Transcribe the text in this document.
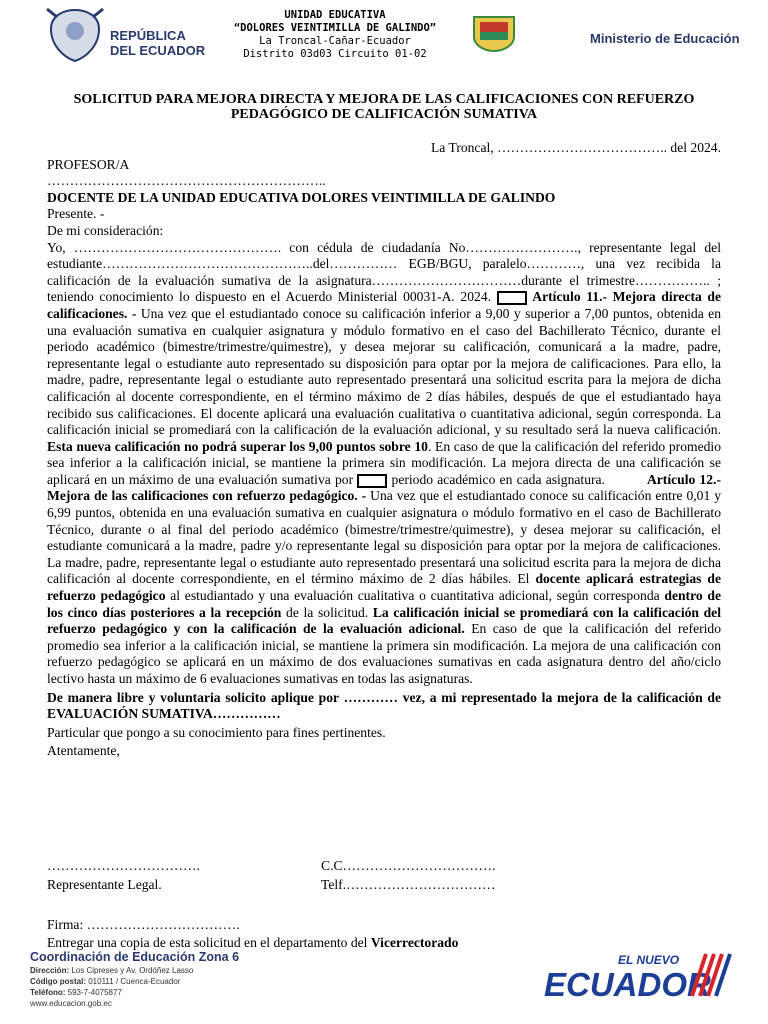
REPÚBLICA
DEL ECUADOR
UNIDAD EDUCATIVA
“DOLORES VEINTIMILLA DE GALINDO”
La Troncal-Cañar-Ecuador
Distrito 03d03 Circuito 01-02
Ministerio de Educación
SOLICITUD PARA MEJORA DIRECTA Y MEJORA DE LAS CALIFICACIONES CON REFUERZO PEDAGÓGICO DE CALIFICACIÓN SUMATIVA

La Troncal, ……………………………….. del 2024.

PROFESOR/A

……………………………………………………..

DOCENTE DE LA UNIDAD EDUCATIVA DOLORES VEINTIMILLA DE GALINDO

Presente. -

De mi consideración:

Yo, ………………………………………. con cédula de ciudadanía No……………………., representante legal del estudiante………………………………………..del…………… EGB/BGU, paralelo…………, una vez recibida la calificación de la evaluación sumativa de la asignatura……………………………durante el trimestre…………….. ; teniendo conocimiento lo dispuesto en el Acuerdo Ministerial 00031-A. 2024.	Artículo 11.- Mejora directa de calificaciones. - Una vez que el estudiantado conoce su calificación inferior a 9,00 y superior a 7,00 puntos, obtenida en una evaluación sumativa en cualquier asignatura y módulo formativo en el caso del Bachillerato Técnico, durante el periodo académico (bimestre/trimestre/quimestre), y desea mejorar su calificación, comunicará a la madre, padre, representante legal o estudiante auto representado su disposición para optar por la mejora de calificaciones. Para ello, la madre, padre, representante legal o estudiante auto representado presentará una solicitud escrita para la mejora de dicha calificación al docente correspondiente, en el término máximo de 2 días hábiles, después de que el estudiantado haya recibido sus calificaciones. El docente aplicará una evaluación cualitativa o cuantitativa adicional, según corresponda. La calificación inicial se promediará con la calificación de la evaluación adicional, y su resultado será la nueva calificación. Esta nueva calificación no podrá superar los 9,00 puntos sobre 10. En caso de que la calificación del referido promedio sea inferior a la calificación inicial, se mantiene la primera sin modificación. La mejora directa de una calificación se aplicará en un máximo de una evaluación sumativa por	periodo académico en cada asignatura.	Artículo 12.- Mejora de las calificaciones con refuerzo pedagógico. - Una vez que el estudiantado conoce su calificación entre 0,01 y 6,99 puntos, obtenida en una evaluación sumativa en cualquier asignatura o módulo formativo en el caso de Bachillerato Técnico, durante o al final del periodo académico (bimestre/trimestre/quimestre), y desea mejorar su calificación, el estudiante comunicará a la madre, padre y/o representante legal su disposición para optar por la mejora de calificaciones. La madre, padre, representante legal o estudiante auto representado presentará una solicitud escrita para la mejora de dicha calificación al docente correspondiente, en el término máximo de 2 días hábiles. El docente aplicará estrategias de refuerzo pedagógico al estudiantado y una evaluación cualitativa o cuantitativa adicional, según corresponda dentro de los cinco días posteriores a la recepción de la solicitud. La calificación inicial se promediará con la calificación del refuerzo pedagógico y con la calificación de la evaluación adicional. En caso de que la calificación del referido promedio sea inferior a la calificación inicial, se mantiene la primera sin modificación. La mejora de una calificación con refuerzo pedagógico se aplicará en un máximo de dos evaluaciones sumativas en cada asignatura dentro del año/ciclo lectivo hasta un máximo de 6 evaluaciones sumativas en todas las asignaturas.

De manera libre y voluntaria solicito aplique por ………… vez, a mi representado la mejora de la calificación de EVALUACIÓN SUMATIVA……………

Particular que pongo a su conocimiento para fines pertinentes.

Atentamente,

…………………………….	C.C…………………………….
Representante Legal.	Telf.……………………………
Firma: …………………………….
Entregar una copia de esta solicitud en el departamento del Vicerrectorado
Coordinación de Educación Zona 6
Dirección: Los Cipreses y Av. Ordóñez Lasso
Código postal: 010111 / Cuenca-Ecuador
Teléfono: 593-7-4075877
www.educacion.gob.ec
EL NUEVO
ECUADOR
